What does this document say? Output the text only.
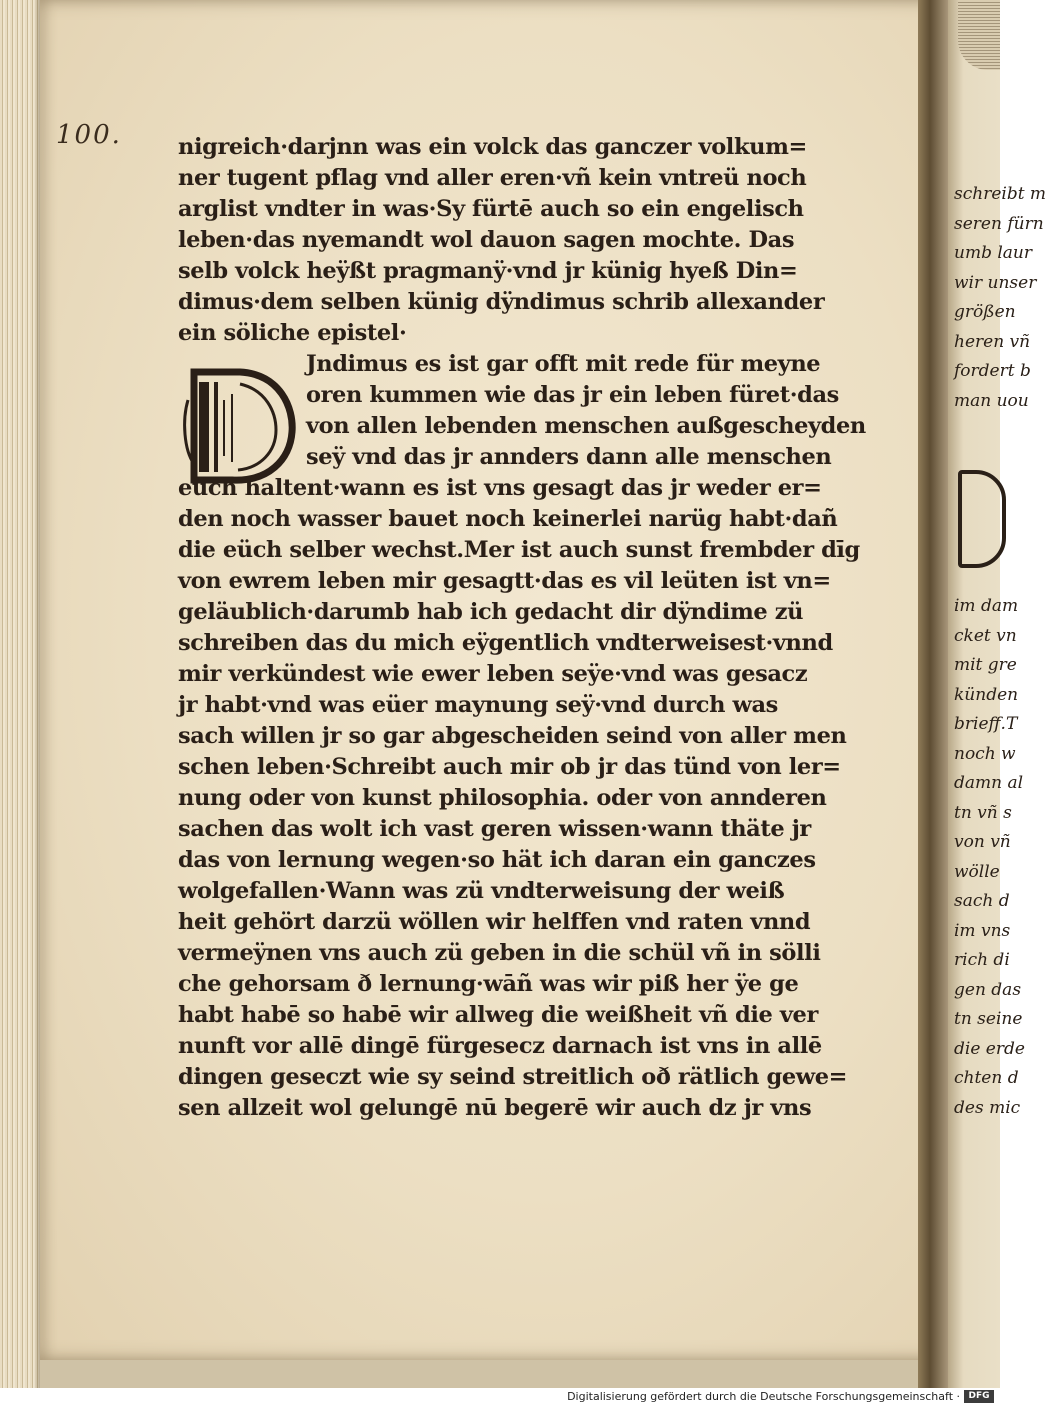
schreibt m
seren fürn
umb laur
wir unser
größen
heren vñ
fordert b
man uou
im dam
cket vn
mit gre
künden
brieff.T
noch w
damn al
tn vñ s
von vñ
wölle
sach d
im vns
rich di
gen das
tn seine
die erde
chten d
des mic
100. nigreich·darjnn was ein volck das ganczer volkum=
ner tugent pflag vnd aller eren·vñ kein vntreü noch
arglist vndter in was·Sy fürtē auch so ein engelisch
leben·das nyemandt wol dauon sagen mochte. Das
selb volck heÿßt pragmanÿ·vnd jr künig hyeß Din=
dimus·dem selben künig dÿndimus schrib allexander
ein söliche epistel·
Jndimus es ist gar offt mit rede für meyne
oren kummen wie das jr ein leben füret·das
von allen lebenden menschen außgescheyden
seÿ vnd das jr annders dann alle menschen
eüch haltent·wann es ist vns gesagt das jr weder er=
den noch wasser bauet noch keinerlei narüg habt·dañ
die eüch selber wechst.Mer ist auch sunst frembder dīg
von ewrem leben mir gesagtt·das es vil leüten ist vn=
geläublich·darumb hab ich gedacht dir dÿndime zü
schreiben das du mich eÿgentlich vndterweisest·vnnd
mir verkündest wie ewer leben seÿe·vnd was gesacz
jr habt·vnd was eüer maynung seÿ·vnd durch was
sach willen jr so gar abgescheiden seind von aller men
schen leben·Schreibt auch mir ob jr das tünd von ler=
nung oder von kunst philosophia. oder von annderen
sachen das wolt ich vast geren wissen·wann thäte jr
das von lernung wegen·so hät ich daran ein ganczes
wolgefallen·Wann was zü vndterweisung der weiß
heit gehört darzü wöllen wir helffen vnd raten vnnd
vermeÿnen vns auch zü geben in die schül vñ in sölli
che gehorsam ð lernung·wāñ was wir piß her ÿe ge
habt habē so habē wir allweg die weißheit vñ die ver
nunft vor allē dingē fürgesecz darnach ist vns in allē
dingen geseczt wie sy seind streitlich oð rätlich gewe=
sen allzeit wol gelungē nū begerē wir auch dz jr vns
Digitalisierung gefördert durch die Deutsche Forschungsgemeinschaft · DFG
